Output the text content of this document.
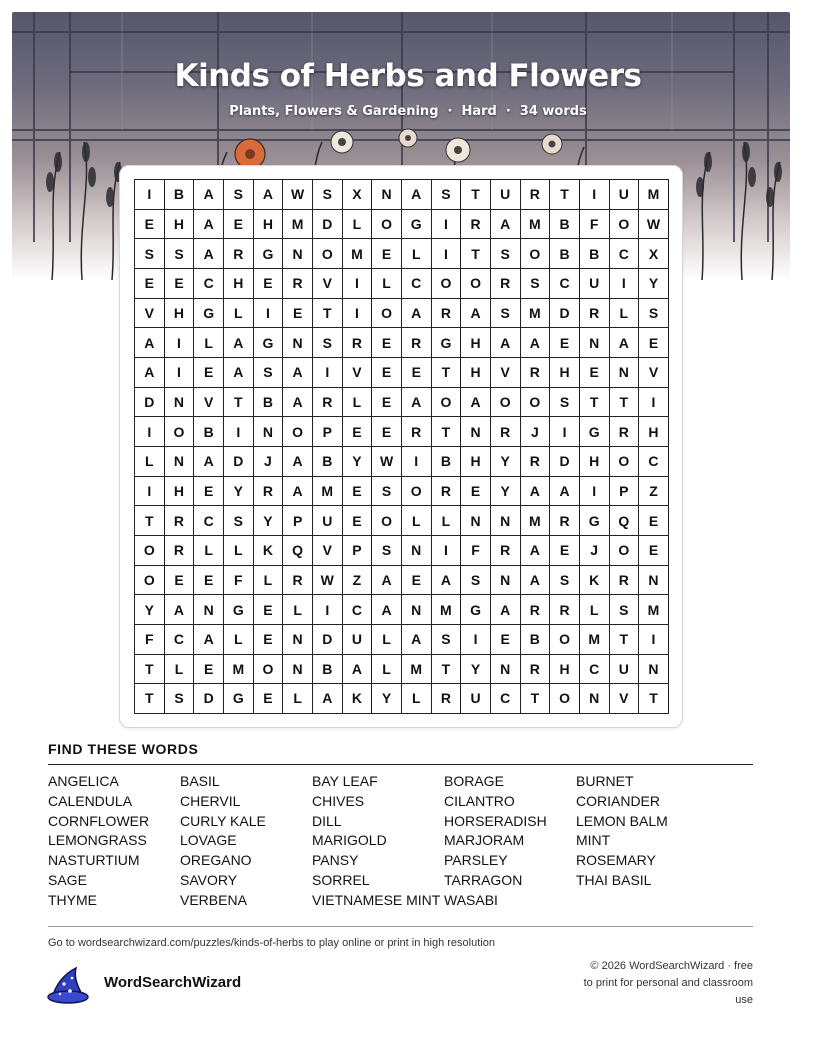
Kinds of Herbs and Flowers
Plants, Flowers & Gardening · Hard · 34 words
I	B	A	S	A	W	S	X	N	A	S	T	U	R	T	I	U	M
E	H	A	E	H	M	D	L	O	G	I	R	A	M	B	F	O	W
S	S	A	R	G	N	O	M	E	L	I	T	S	O	B	B	C	X
E	E	C	H	E	R	V	I	L	C	O	O	R	S	C	U	I	Y
V	H	G	L	I	E	T	I	O	A	R	A	S	M	D	R	L	S
A	I	L	A	G	N	S	R	E	R	G	H	A	A	E	N	A	E
A	I	E	A	S	A	I	V	E	E	T	H	V	R	H	E	N	V
D	N	V	T	B	A	R	L	E	A	O	A	O	O	S	T	T	I
I	O	B	I	N	O	P	E	E	R	T	N	R	J	I	G	R	H
L	N	A	D	J	A	B	Y	W	I	B	H	Y	R	D	H	O	C
I	H	E	Y	R	A	M	E	S	O	R	E	Y	A	A	I	P	Z
T	R	C	S	Y	P	U	E	O	L	L	N	N	M	R	G	Q	E
O	R	L	L	K	Q	V	P	S	N	I	F	R	A	E	J	O	E
O	E	E	F	L	R	W	Z	A	E	A	S	N	A	S	K	R	N
Y	A	N	G	E	L	I	C	A	N	M	G	A	R	R	L	S	M
F	C	A	L	E	N	D	U	L	A	S	I	E	B	O	M	T	I
T	L	E	M	O	N	B	A	L	M	T	Y	N	R	H	C	U	N
T	S	D	G	E	L	A	K	Y	L	R	U	C	T	O	N	V	T
FIND THESE WORDS
ANGELICA	BASIL	BAY LEAF	BORAGE	BURNET
CALENDULA	CHERVIL	CHIVES	CILANTRO	CORIANDER
CORNFLOWER	CURLY KALE	DILL	HORSERADISH	LEMON BALM
LEMONGRASS	LOVAGE	MARIGOLD	MARJORAM	MINT
NASTURTIUM	OREGANO	PANSY	PARSLEY	ROSEMARY
SAGE	SAVORY	SORREL	TARRAGON	THAI BASIL
THYME	VERBENA	VIETNAMESE MINT WASABI
Go to wordsearchwizard.com/puzzles/kinds-of-herbs to play online or print in high resolution
WordSearchWizard
© 2026 WordSearchWizard · free to print for personal and classroom use
